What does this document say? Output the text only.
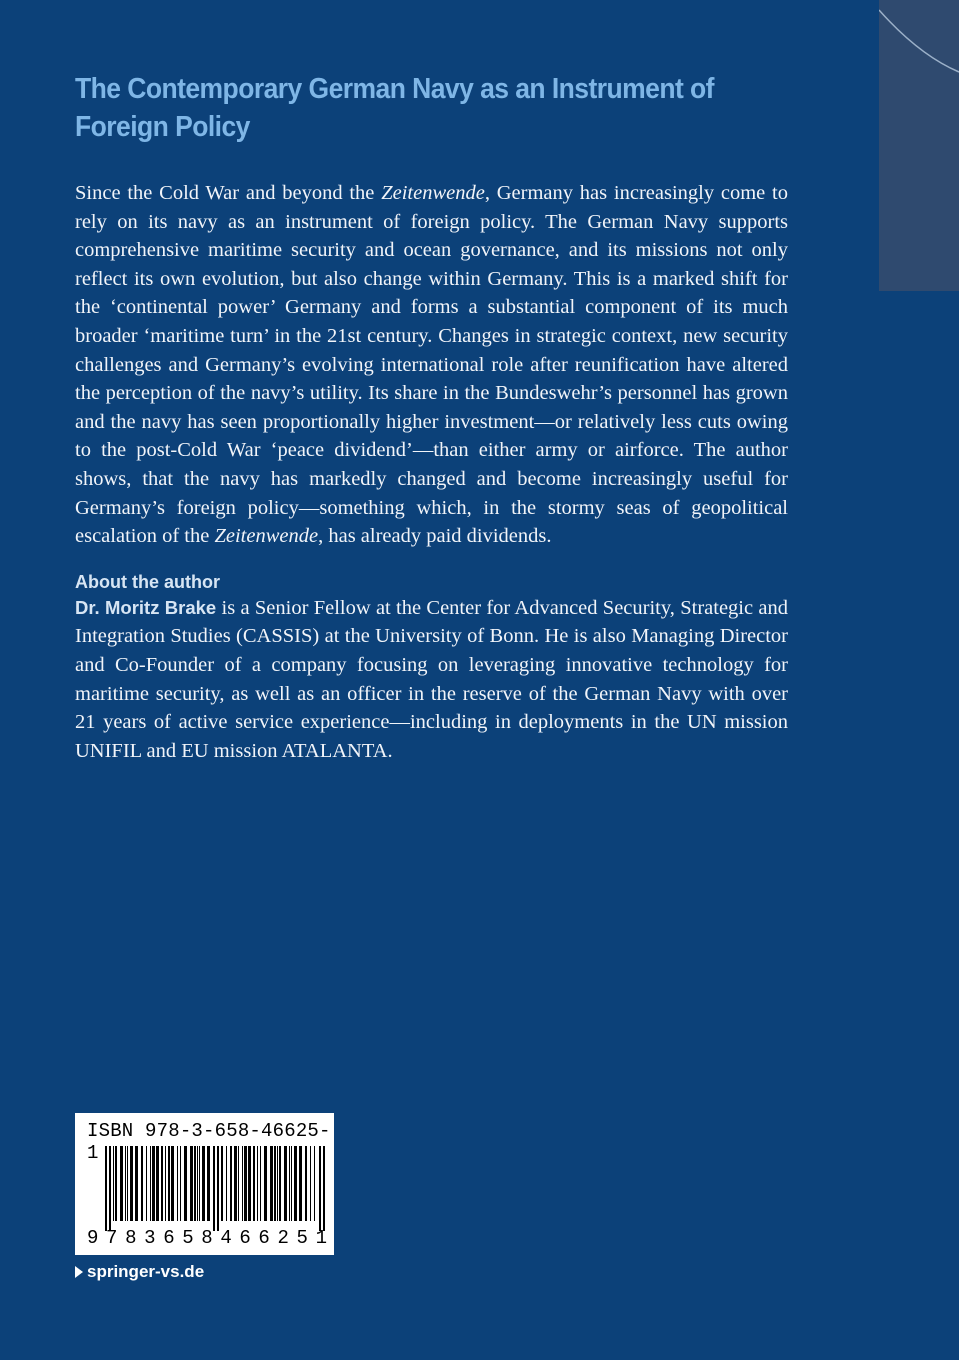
The Contemporary German Navy as an Instrument of Foreign Policy
Since the Cold War and beyond the Zeitenwende, Germany has increasingly come to rely on its navy as an instrument of foreign policy. The German Navy supports comprehensive maritime security and ocean governance, and its missions not only reflect its own evolution, but also change within Germany. This is a marked shift for the ‘continental power’ Germany and forms a substantial component of its much broader ‘maritime turn’ in the 21st century. Changes in strategic context, new security challenges and Germany’s evolving international role after reunification have altered the perception of the navy’s utility. Its share in the Bundeswehr’s personnel has grown and the navy has seen proportionally higher investment—or relatively less cuts owing to the post-Cold War ‘peace dividend’—than either army or airforce. The author shows, that the navy has markedly changed and become increasingly useful for Germany’s foreign policy—something which, in the stormy seas of geopolitical escalation of the Zeitenwende, has already paid dividends.
About the author
Dr. Moritz Brake is a Senior Fellow at the Center for Advanced Security, Strategic and Integration Studies (CASSIS) at the University of Bonn. He is also Managing Director and Co-Founder of a company focusing on leveraging innovative technology for maritime security, as well as an officer in the reserve of the German Navy with over 21 years of active service experience—including in deployments in the UN mission UNIFIL and EU mission ATALANTA.
ISBN 978-3-658-46625-1
9 7 8 3 6 5 8 4 6 6 2 5 1
springer-vs.de
